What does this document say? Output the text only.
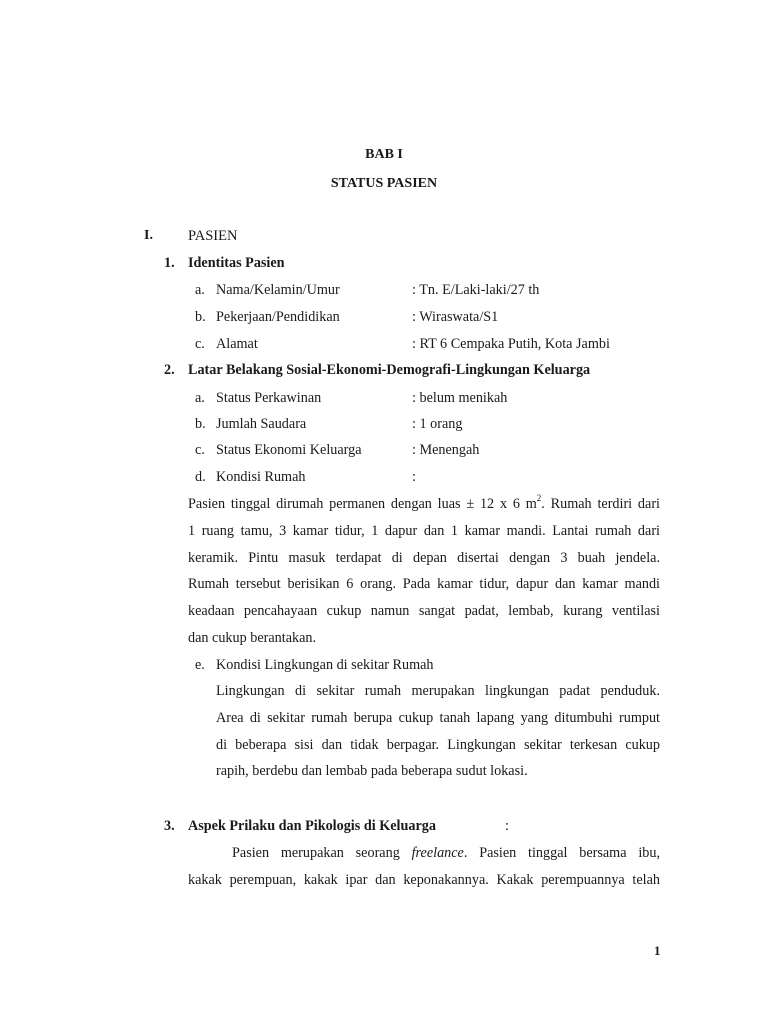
BAB I
STATUS PASIEN
I. PASIEN
1. Identitas Pasien
a. Nama/Kelamin/Umur	: Tn. E/Laki-laki/27 th
b. Pekerjaan/Pendidikan	: Wiraswata/S1
c. Alamat	: RT 6 Cempaka Putih, Kota Jambi
2. Latar Belakang Sosial-Ekonomi-Demografi-Lingkungan Keluarga
a. Status Perkawinan	: belum menikah
b. Jumlah Saudara	: 1 orang
c. Status Ekonomi Keluarga	: Menengah
d. Kondisi Rumah	:
Pasien tinggal dirumah permanen dengan luas ± 12 x 6 $m^2$. Rumah terdiri dari
1 ruang tamu, 3 kamar tidur, 1 dapur dan 1 kamar mandi. Lantai rumah dari
keramik. Pintu masuk terdapat di depan disertai dengan 3 buah jendela.
Rumah tersebut berisikan 6 orang. Pada kamar tidur, dapur dan kamar mandi
keadaan pencahayaan cukup namun sangat padat, lembab, kurang ventilasi
dan cukup berantakan.
e. Kondisi Lingkungan di sekitar Rumah
Lingkungan di sekitar rumah merupakan lingkungan padat penduduk.
Area di sekitar rumah berupa cukup tanah lapang yang ditumbuhi rumput
di beberapa sisi dan tidak berpagar. Lingkungan sekitar terkesan cukup
rapih, berdebu dan lembab pada beberapa sudut lokasi.
3. Aspek Prilaku dan Pikologis di Keluarga	:
Pasien merupakan seorang freelance. Pasien tinggal bersama ibu,
kakak perempuan, kakak ipar dan keponakannya. Kakak perempuannya telah
1
